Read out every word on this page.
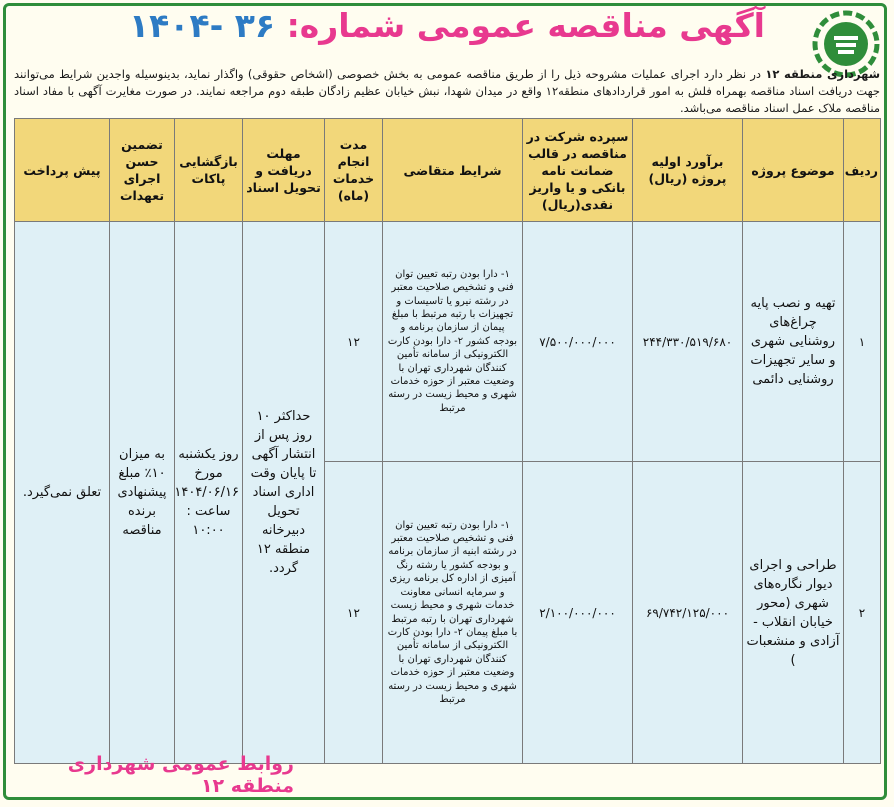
آگهی مناقصه عمومی شماره: ۳۶ -۱۴۰۴
شهرداری منطقه ۱۲ در نظر دارد اجرای عملیات مشروحه ذیل را از طریق مناقصه عمومی به بخش خصوصی (اشخاص حقوقی) واگذار نماید، بدینوسیله واجدین شرایط می‌توانند جهت دریافت اسناد مناقصه بهمراه فلش به امور قراردادهای منطقه۱۲ واقع در میدان شهدا، نبش خیابان عظیم زادگان طبقه دوم مراجعه نمایند. در صورت مغایرت آگهی با مفاد اسناد مناقصه ملاک عمل اسناد مناقصه می‌باشد.
ردیف	موضوع پروژه	برآورد اولیه پروژه (ریال)	سپرده شرکت در مناقصه در قالب ضمانت نامه بانکی و یا واریز نقدی(ریال)	شرایط متقاضی	مدت انجام خدمات (ماه)	مهلت دریافت و تحویل اسناد	بازگشایی پاکات	تضمین حسن اجرای تعهدات	پیش پرداخت
۱	تهیه و نصب پایه چراغ‌های روشنایی شهری و سایر تجهیزات روشنایی دائمی	۲۴۴/۳۳۰/۵۱۹/۶۸۰	۷/۵۰۰/۰۰۰/۰۰۰	۱- دارا بودن رتبه تعیین توان فنی و تشخیص صلاحیت معتبر در رشته نیرو یا تاسیسات و تجهیزات با رتبه مرتبط با مبلغ پیمان از سازمان برنامه و بودجه کشور ۲- دارا بودن کارت الکترونیکی از سامانه تأمین کنندگان شهرداری تهران با وضعیت معتبر از حوزه خدمات شهری و محیط زیست در رسته مرتبط	۱۲	حداکثر ۱۰ روز پس از انتشار آگهی تا پایان وقت اداری اسناد تحویل دبیرخانه منطقه ۱۲ گردد.	روز یکشنبه مورخ ۱۴۰۴/۰۶/۱۶ ساعت : ۱۰:۰۰	به میزان ۱۰٪ مبلغ پیشنهادی برنده مناقصه	تعلق نمی‌گیرد.
۲	طراحی و اجرای دیوار نگاره‌های شهری (محور خیابان انقلاب - آزادی و منشعبات )	۶۹/۷۴۲/۱۲۵/۰۰۰	۲/۱۰۰/۰۰۰/۰۰۰	۱- دارا بودن رتبه تعیین توان فنی و تشخیص صلاحیت معتبر در رشته ابنیه از سازمان برنامه و بودجه کشور یا رشته رنگ آمیزی از اداره کل برنامه ریزی و سرمایه انسانی معاونت خدمات شهری و محیط زیست شهرداری تهران با رتبه مرتبط با مبلغ پیمان ۲- دارا بودن کارت الکترونیکی از سامانه تأمین کنندگان شهرداری تهران با وضعیت معتبر از حوزه خدمات شهری و محیط زیست در رسته مرتبط	۱۲				
روابط عمومی شهرداری منطقه ۱۲
